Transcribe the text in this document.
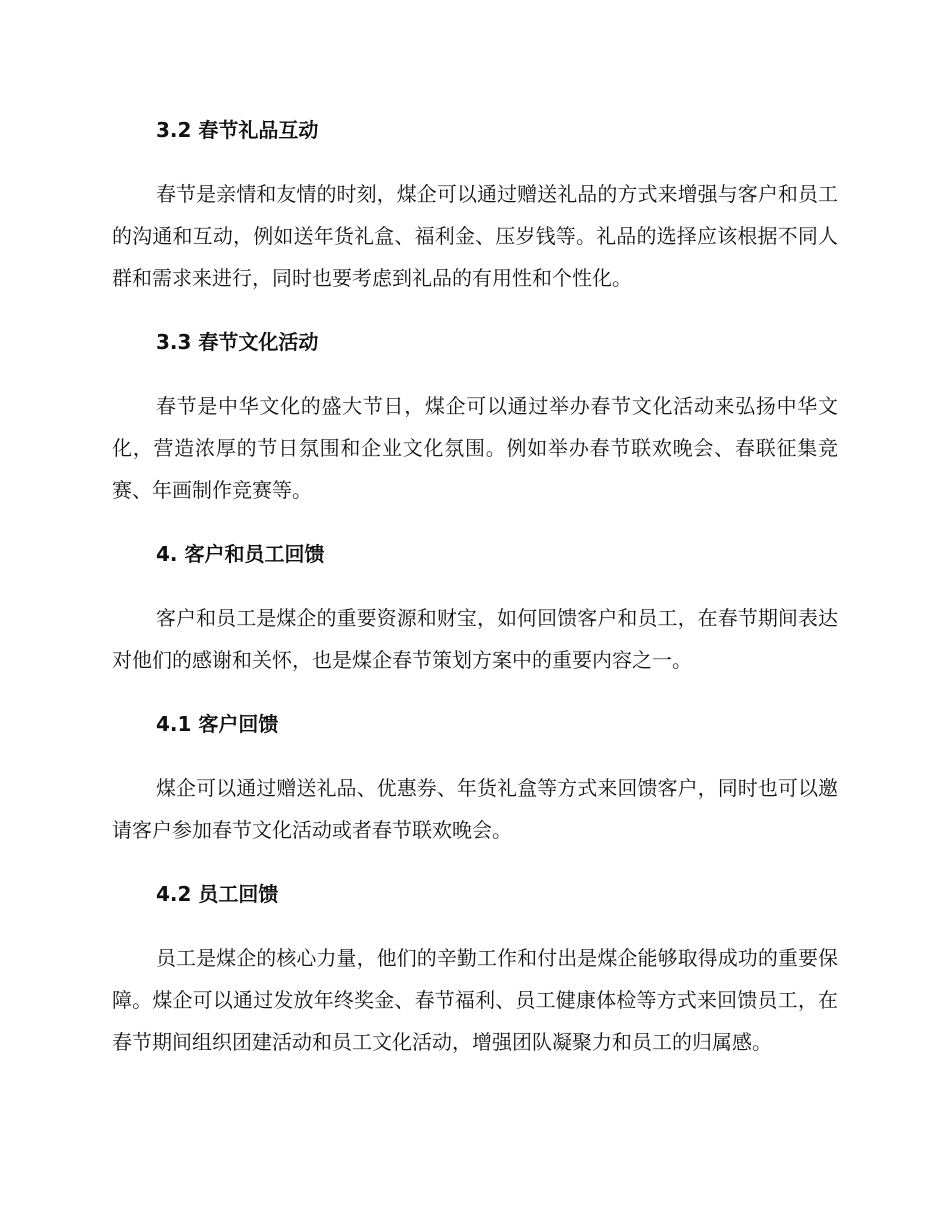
3.2 春节礼品互动

春节是亲情和友情的时刻，煤企可以通过赠送礼品的方式来增强与客户和员工的沟通和互动，例如送年货礼盒、福利金、压岁钱等。礼品的选择应该根据不同人群和需求来进行，同时也要考虑到礼品的有用性和个性化。

3.3 春节文化活动

春节是中华文化的盛大节日，煤企可以通过举办春节文化活动来弘扬中华文化，营造浓厚的节日氛围和企业文化氛围。例如举办春节联欢晚会、春联征集竞赛、年画制作竞赛等。

4. 客户和员工回馈

客户和员工是煤企的重要资源和财宝，如何回馈客户和员工，在春节期间表达对他们的感谢和关怀，也是煤企春节策划方案中的重要内容之一。

4.1 客户回馈

煤企可以通过赠送礼品、优惠券、年货礼盒等方式来回馈客户，同时也可以邀请客户参加春节文化活动或者春节联欢晚会。

4.2 员工回馈

员工是煤企的核心力量，他们的辛勤工作和付出是煤企能够取得成功的重要保障。煤企可以通过发放年终奖金、春节福利、员工健康体检等方式来回馈员工，在春节期间组织团建活动和员工文化活动，增强团队凝聚力和员工的归属感。
